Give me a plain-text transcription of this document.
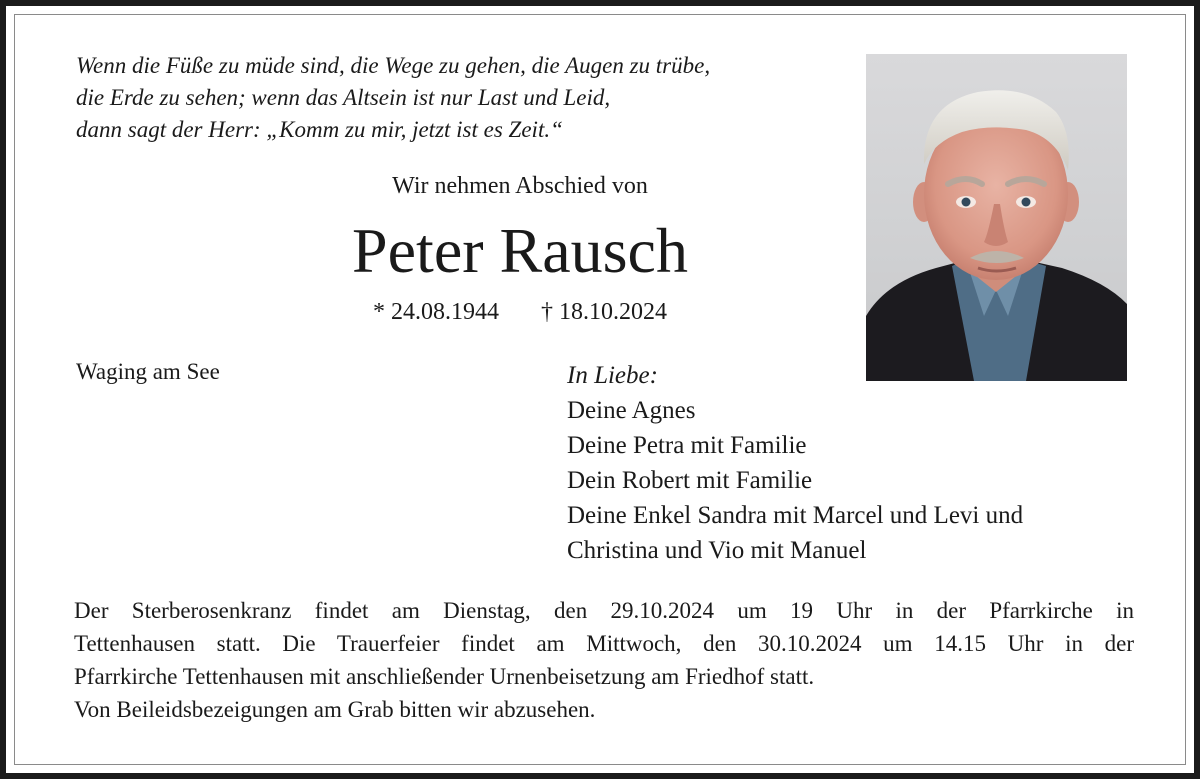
Wenn die Füße zu müde sind, die Wege zu gehen, die Augen zu trübe,
die Erde zu sehen; wenn das Altsein ist nur Last und Leid,
dann sagt der Herr: „Komm zu mir, jetzt ist es Zeit.“

Wir nehmen Abschied von
Peter Rausch
* 24.08.1944 † 18.10.2024
Waging am See	In Liebe:
Deine Agnes
Deine Petra mit Familie
Dein Robert mit Familie
Deine Enkel Sandra mit Marcel und Levi und
Christina und Vio mit Manuel
Der Sterberosenkranz findet am Dienstag, den 29.10.2024 um 19 Uhr in der Pfarrkirche in
Tettenhausen statt. Die Trauerfeier findet am Mittwoch, den 30.10.2024 um 14.15 Uhr in der
Pfarrkirche Tettenhausen mit anschließender Urnenbeisetzung am Friedhof statt.
Von Beileidsbezeigungen am Grab bitten wir abzusehen.
